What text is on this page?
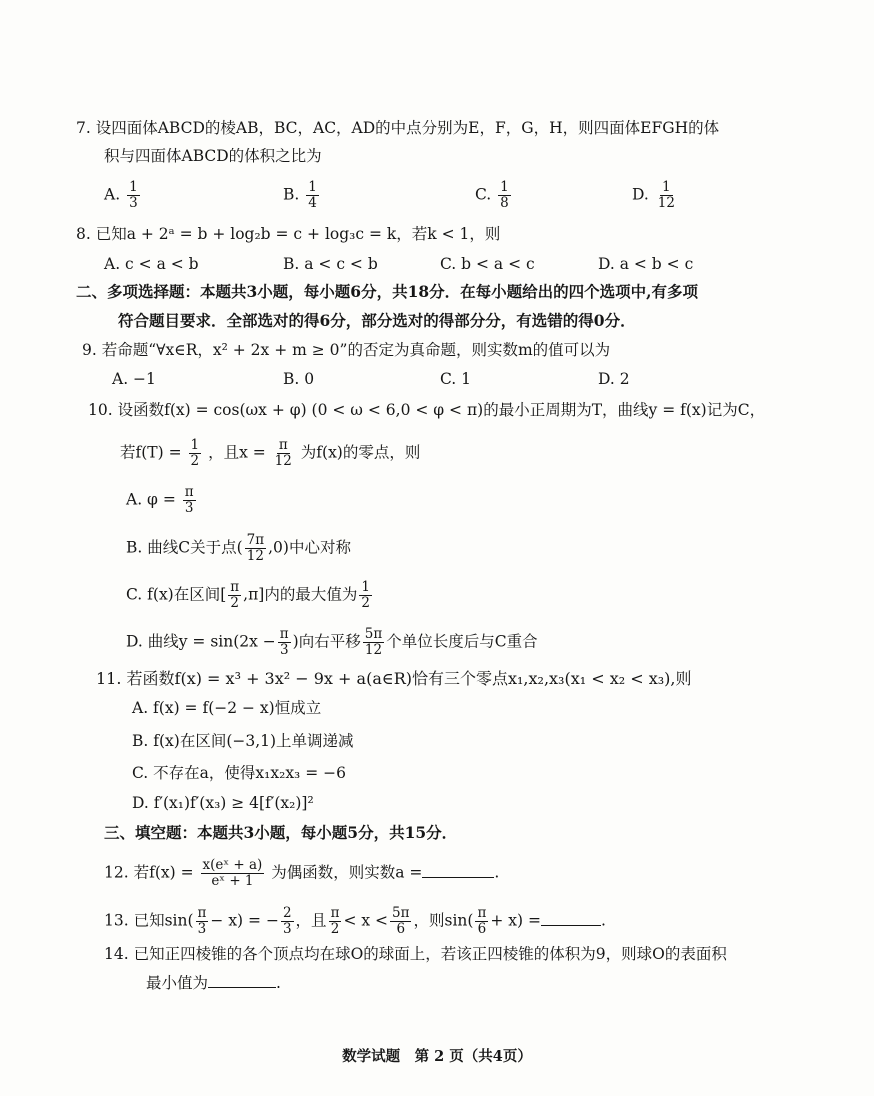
7. 设四面体ABCD的棱AB，BC，AC，AD的中点分别为E，F，G，H，则四面体EFGH的体
积与四面体ABCD的体积之比为
A. $\frac{1}{3}$	B. $\frac{1}{4}$	C. $\frac{1}{8}$	D. $\frac{1}{12}$
8. 已知a + 2ᵃ = b + log₂b = c + log₃c = k，若k < 1，则
A. c < a < b	B. a < c < b	C. b < a < c	D. a < b < c
二、多项选择题：本题共3小题，每小题6分，共18分．在每小题给出的四个选项中,有多项
符合题目要求．全部选对的得6分，部分选对的得部分分，有选错的得0分．
9. 若命题“∀x∈R，x² + 2x + m ≥ 0”的否定为真命题，则实数m的值可以为
A. −1	B. 0	C. 1	D. 2
10. 设函数f(x) = cos(ωx + φ) (0 < ω < 6,0 < φ < π)的最小正周期为T，曲线y = f(x)记为C，
若$f(T) = \frac{1}{2}$ ，且$x = \frac{\pi}{12}$ 为f(x)的零点，则
A. $\varphi = \frac{\pi}{3}$
B. 曲线C关于点( $\frac{7\pi}{12} ,0$)中心对称
C. f(x)在区间[ $\frac{\pi}{2} ,\pi$]内的最大值为 $\frac{1}{2}$
D. 曲线$y = \sin(2x - \frac{\pi}{3}$ )向右平移 $\frac{5\pi}{12}$ 个单位长度后与C重合
11. 若函数f(x) = x³ + 3x² − 9x + a(a∈R)恰有三个零点x₁,x₂,x₃(x₁ < x₂ < x₃),则
A. f(x) = f(−2 − x)恒成立
B. f(x)在区间(−3,1)上单调递减
C. 不存在a，使得x₁x₂x₃ = −6
D. f′(x₁)f′(x₃) ≥ 4[f′(x₂)]²
三、填空题：本题共3小题，每小题5分，共15分．
12. 若$f(x) = \frac{\text{x(eˣ + a)}}{\text{eˣ + 1}}$ 为偶函数，则实数a =	.
13. 已知$\sin( \frac{\pi}{3} - x)$ = − $\frac{2}{3}$ ，且 $\frac{\pi}{2} < x < \frac{5\pi}{6}$ ，则$\sin( \frac{\pi}{6} + x)$ =	.
14. 已知正四棱锥的各个顶点均在球O的球面上，若该正四棱锥的体积为9，则球O的表面积
最小值为	.
数学试题　第 2 页（共4页）
